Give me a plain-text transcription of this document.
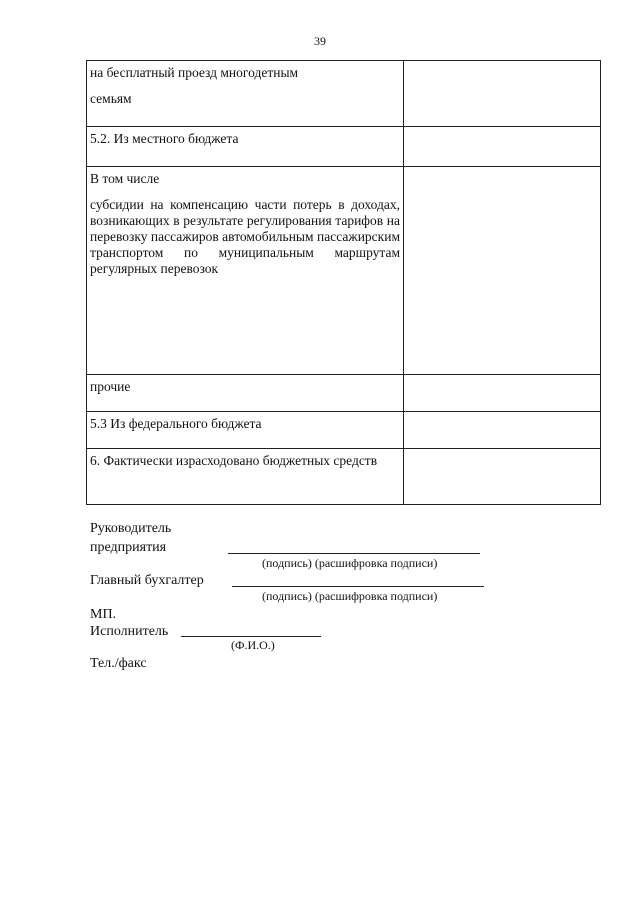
39
на бесплатный проезд многодетным
семьям	

5.2. Из местного бюджета	

В том числе
субсидии на компенсацию части потерь в доходах, возникающих в результате регулирования тарифов на перевозку пассажиров автомобильным пассажирским транспортом по муниципальным маршрутам регулярных перевозок	

прочие	

5.3 Из федерального бюджета	

6. Фактически израсходовано бюджетных средств	

Руководитель
предприятия
(подпись) (расшифровка подписи)
Главный бухгалтер
(подпись) (расшифровка подписи)
МП.
Исполнитель
(Ф.И.О.)
Тел./факс
